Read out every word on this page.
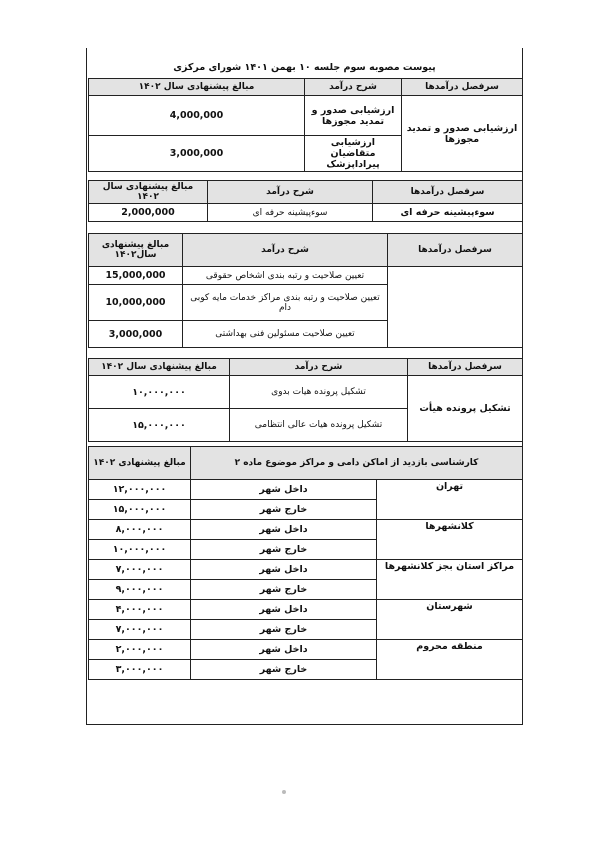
پیوست مصوبه سوم جلسه ۱۰ بهمن ۱۴۰۱ شورای مرکزی
سرفصل درآمدها	شرح درآمد	مبالغ پیشنهادی سال ۱۴۰۲
ارزشیابی صدور و تمدید مجوزها	ارزشیابی صدور و تمدید مجوزها	4,000,000
	ارزشیابی متقاضیان پیراداپزشک	3,000,000
سرفصل درآمدها	شرح درآمد	مبالغ پیشنهادی سال ۱۴۰۲
سوءپیشینه حرفه ای	سوءپیشینه حرفه ای	2,000,000
سرفصل درآمدها	شرح درآمد	مبالغ پیشنهادی سال۱۴۰۲
	تعیین صلاحیت و رتبه بندی اشخاص حقوقی	15,000,000
	تعیین صلاحیت و رتبه بندی مراکز خدمات مایه کوبی دام	10,000,000
	تعیین صلاحیت مسئولین فنی بهداشتی	3,000,000
سرفصل درآمدها	شرح درآمد	مبالغ پیشنهادی سال ۱۴۰۲
تشکیل پرونده هیأت	تشکیل پرونده هیات بدوی	۱۰,۰۰۰,۰۰۰
	تشکیل پرونده هیات عالی انتظامی	۱۵,۰۰۰,۰۰۰
کارشناسی بازدید از اماکن دامی و مراکز موضوع ماده ۲		مبالغ پیشنهادی ۱۴۰۲
تهران	داخل شهر	۱۲,۰۰۰,۰۰۰
	خارج شهر	۱۵,۰۰۰,۰۰۰
کلانشهرها	داخل شهر	۸,۰۰۰,۰۰۰
	خارج شهر	۱۰,۰۰۰,۰۰۰
مراکز استان بجز کلانشهرها	داخل شهر	۷,۰۰۰,۰۰۰
	خارج شهر	۹,۰۰۰,۰۰۰
شهرستان	داخل شهر	۴,۰۰۰,۰۰۰
	خارج شهر	۷,۰۰۰,۰۰۰
منطقه محروم	داخل شهر	۲,۰۰۰,۰۰۰
	خارج شهر	۳,۰۰۰,۰۰۰
